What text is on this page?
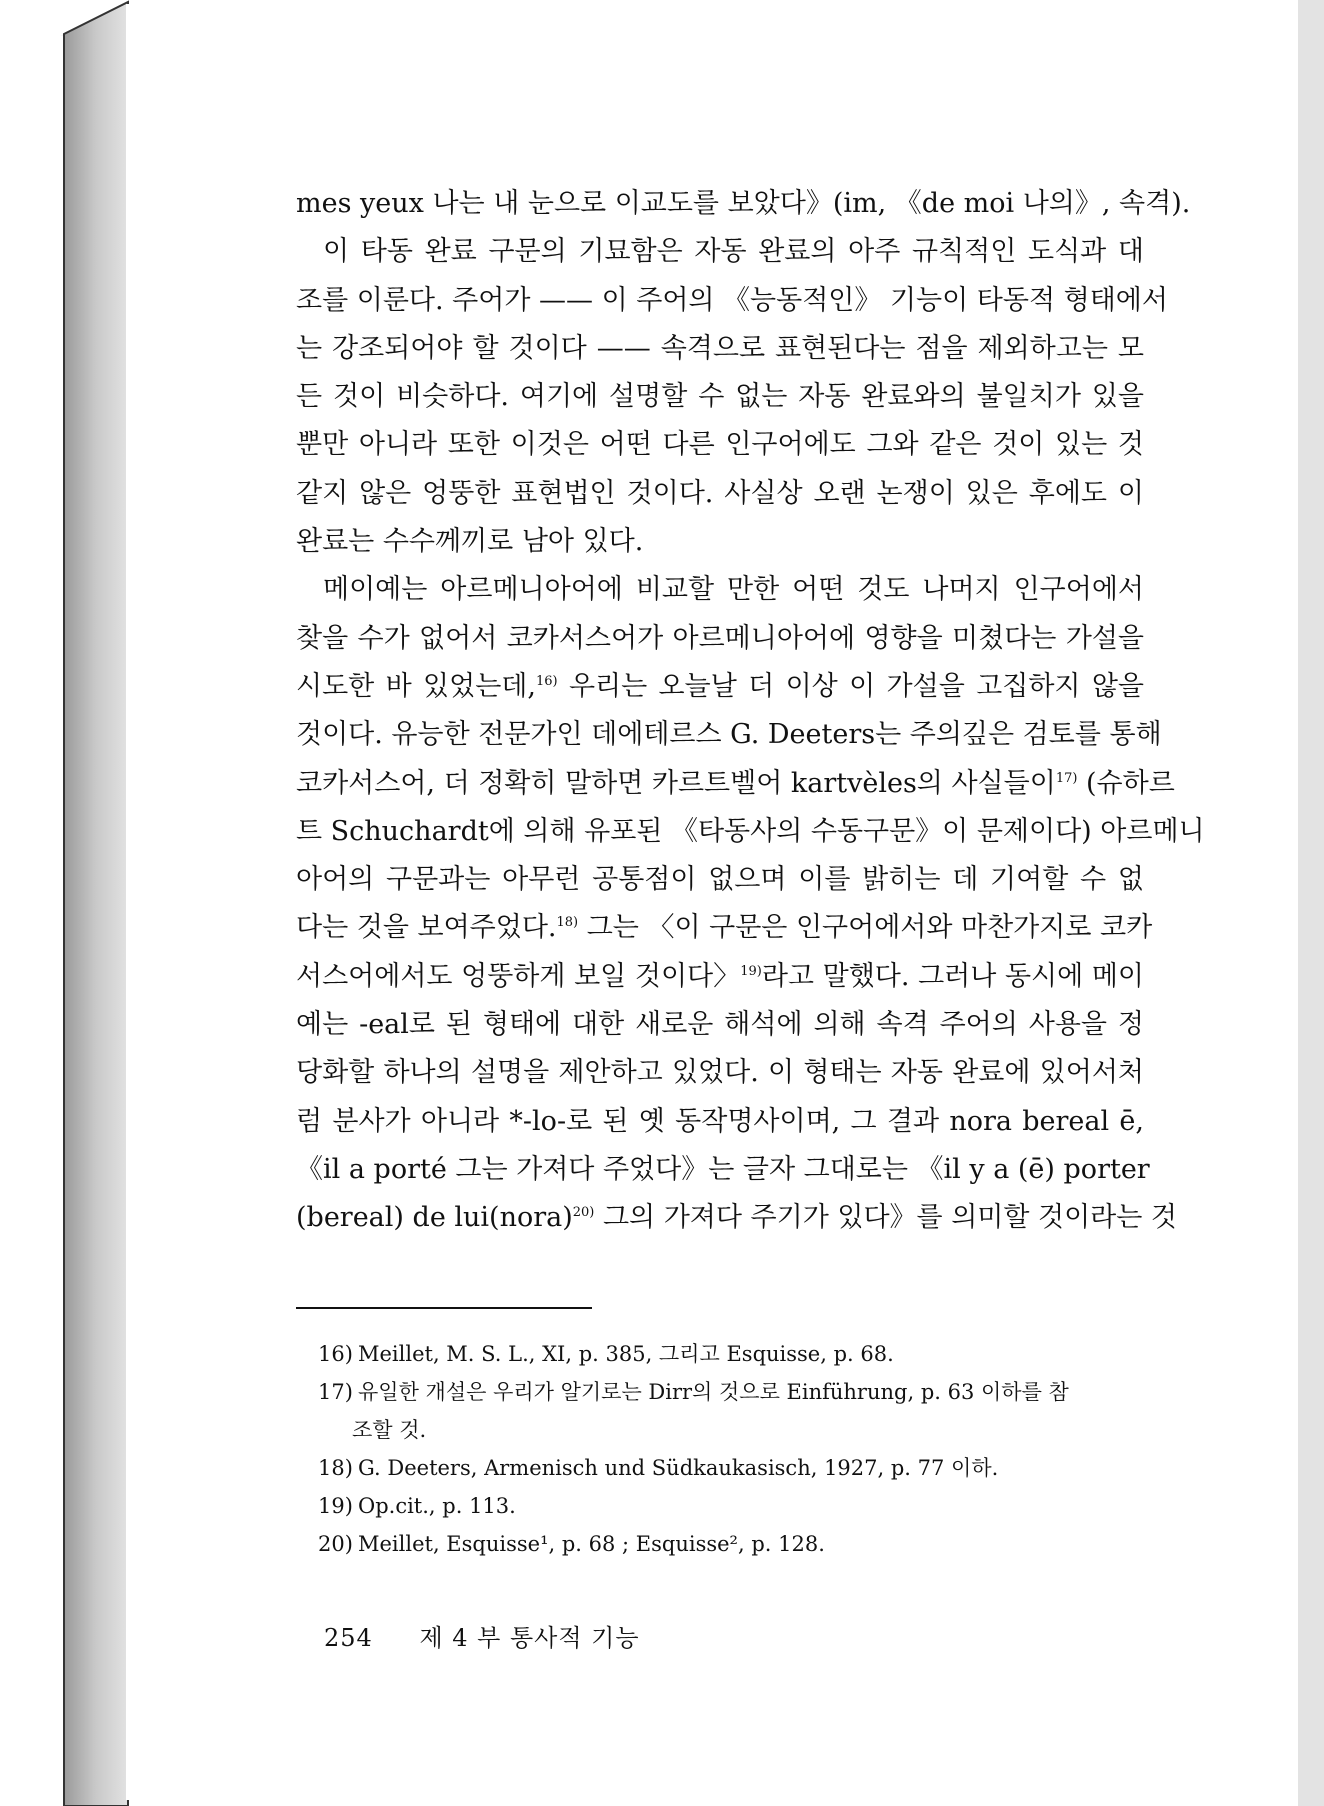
mes yeux 나는 내 눈으로 이교도를 보았다》(im, 《de moi 나의》, 속격).
이 타동 완료 구문의 기묘함은 자동 완료의 아주 규칙적인 도식과 대
조를 이룬다. 주어가 —— 이 주어의 《능동적인》 기능이 타동적 형태에서
는 강조되어야 할 것이다 —— 속격으로 표현된다는 점을 제외하고는 모
든 것이 비슷하다. 여기에 설명할 수 없는 자동 완료와의 불일치가 있을
뿐만 아니라 또한 이것은 어떤 다른 인구어에도 그와 같은 것이 있는 것
같지 않은 엉뚱한 표현법인 것이다. 사실상 오랜 논쟁이 있은 후에도 이
완료는 수수께끼로 남아 있다.
메이예는 아르메니아어에 비교할 만한 어떤 것도 나머지 인구어에서
찾을 수가 없어서 코카서스어가 아르메니아어에 영향을 미쳤다는 가설을
시도한 바 있었는데,$^{16)}$ 우리는 오늘날 더 이상 이 가설을 고집하지 않을
것이다. 유능한 전문가인 데에테르스 G. Deeters는 주의깊은 검토를 통해
코카서스어, 더 정확히 말하면 카르트벨어 kartvèles의 사실들이$^{17)}$ (슈하르
트 Schuchardt에 의해 유포된 《타동사의 수동구문》이 문제이다) 아르메니
아어의 구문과는 아무런 공통점이 없으며 이를 밝히는 데 기여할 수 없
다는 것을 보여주었다.$^{18)}$ 그는 〈이 구문은 인구어에서와 마찬가지로 코카
서스어에서도 엉뚱하게 보일 것이다〉$^{19)}$라고 말했다. 그러나 동시에 메이
예는 -eal로 된 형태에 대한 새로운 해석에 의해 속격 주어의 사용을 정
당화할 하나의 설명을 제안하고 있었다. 이 형태는 자동 완료에 있어서처
럼 분사가 아니라 *-lo-로 된 옛 동작명사이며, 그 결과 nora bereal ē,
《il a porté 그는 가져다 주었다》는 글자 그대로는 《il y a (ē) porter
(bereal) de lui(nora)$^{20)}$ 그의 가져다 주기가 있다》를 의미할 것이라는 것
16) Meillet, M. S. L., XI, p. 385, 그리고 Esquisse, p. 68.
17) 유일한 개설은 우리가 알기로는 Dirr의 것으로 Einführung, p. 63 이하를 참
조할 것.
18) G. Deeters, Armenisch und Südkaukasisch, 1927, p. 77 이하.
19) Op.cit., p. 113.
20) Meillet, Esquisse¹, p. 68 ; Esquisse², p. 128.
254 제 4 부 통사적 기능
